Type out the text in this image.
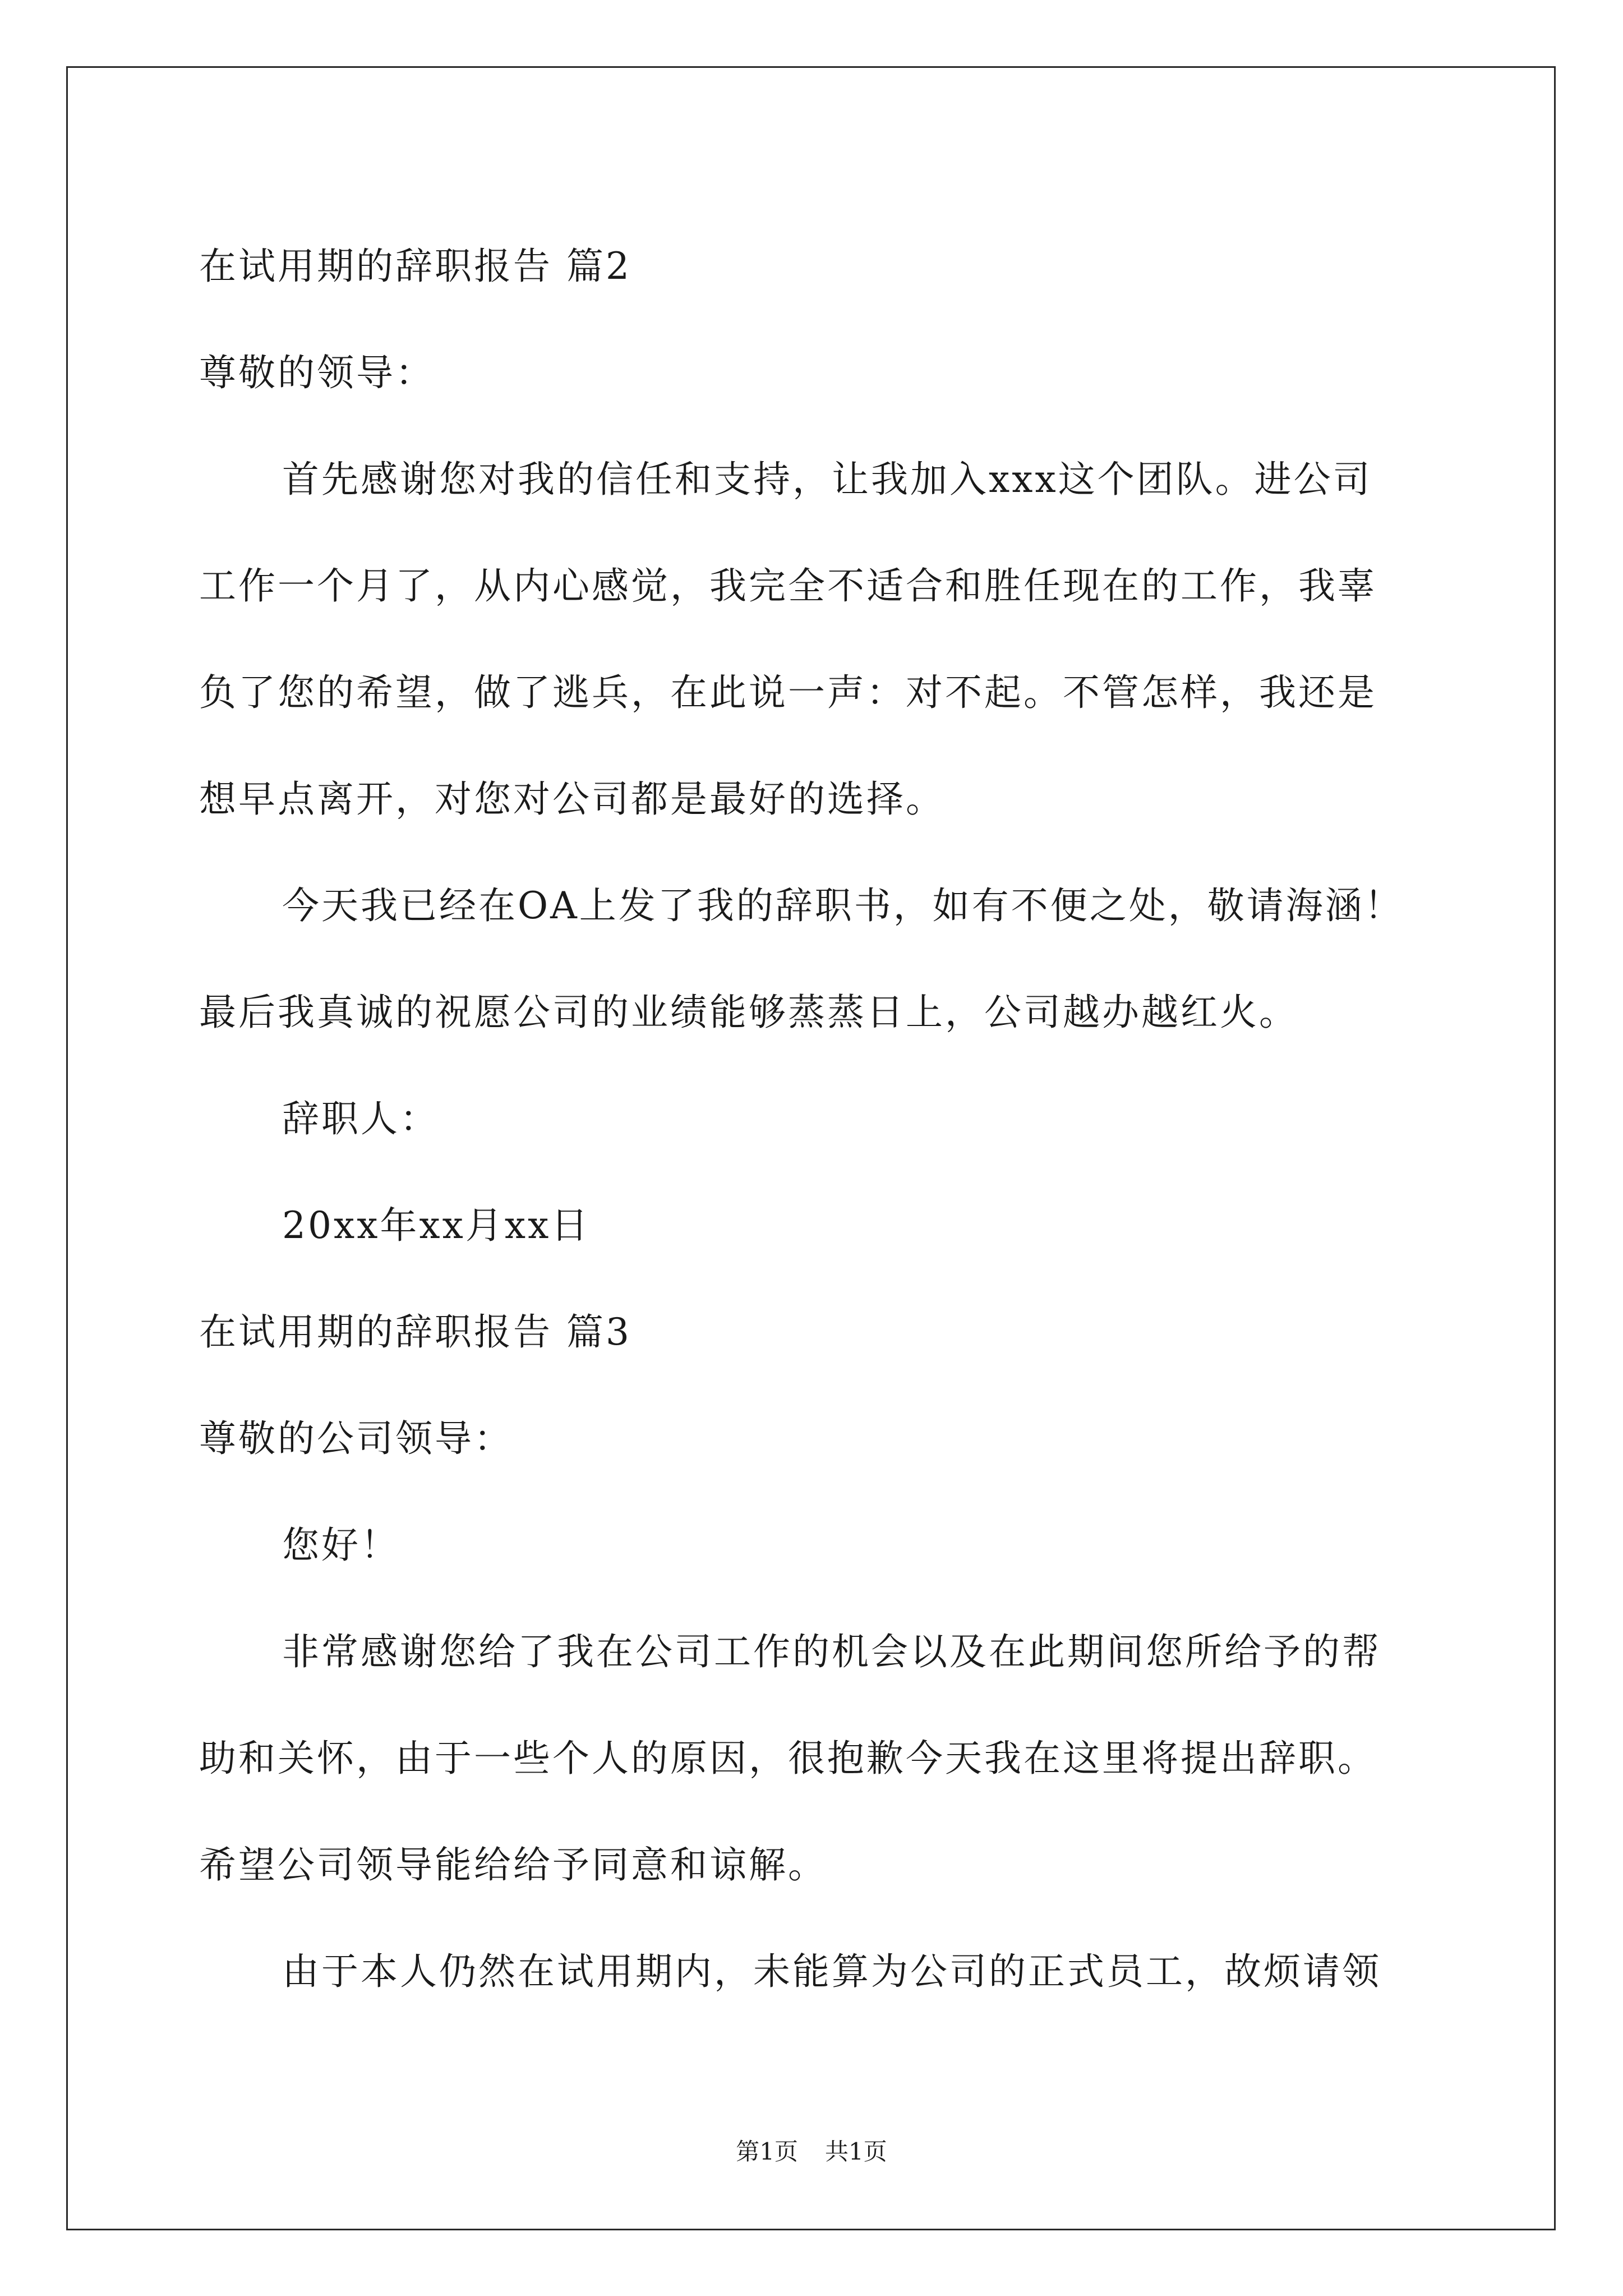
在试用期的辞职报告 篇2
尊敬的领导：
首先感谢您对我的信任和支持，让我加入xxx这个团队。进公司
工作一个月了，从内心感觉，我完全不适合和胜任现在的工作，我辜
负了您的希望，做了逃兵，在此说一声：对不起。不管怎样，我还是
想早点离开，对您对公司都是最好的选择。
今天我已经在OA上发了我的辞职书，如有不便之处，敬请海涵！
最后我真诚的祝愿公司的业绩能够蒸蒸日上，公司越办越红火。
辞职人：
20xx年xx月xx日
在试用期的辞职报告 篇3
尊敬的公司领导：
您好！
非常感谢您给了我在公司工作的机会以及在此期间您所给予的帮
助和关怀，由于一些个人的原因，很抱歉今天我在这里将提出辞职。
希望公司领导能给给予同意和谅解。
由于本人仍然在试用期内，未能算为公司的正式员工，故烦请领
第1页 共1页
